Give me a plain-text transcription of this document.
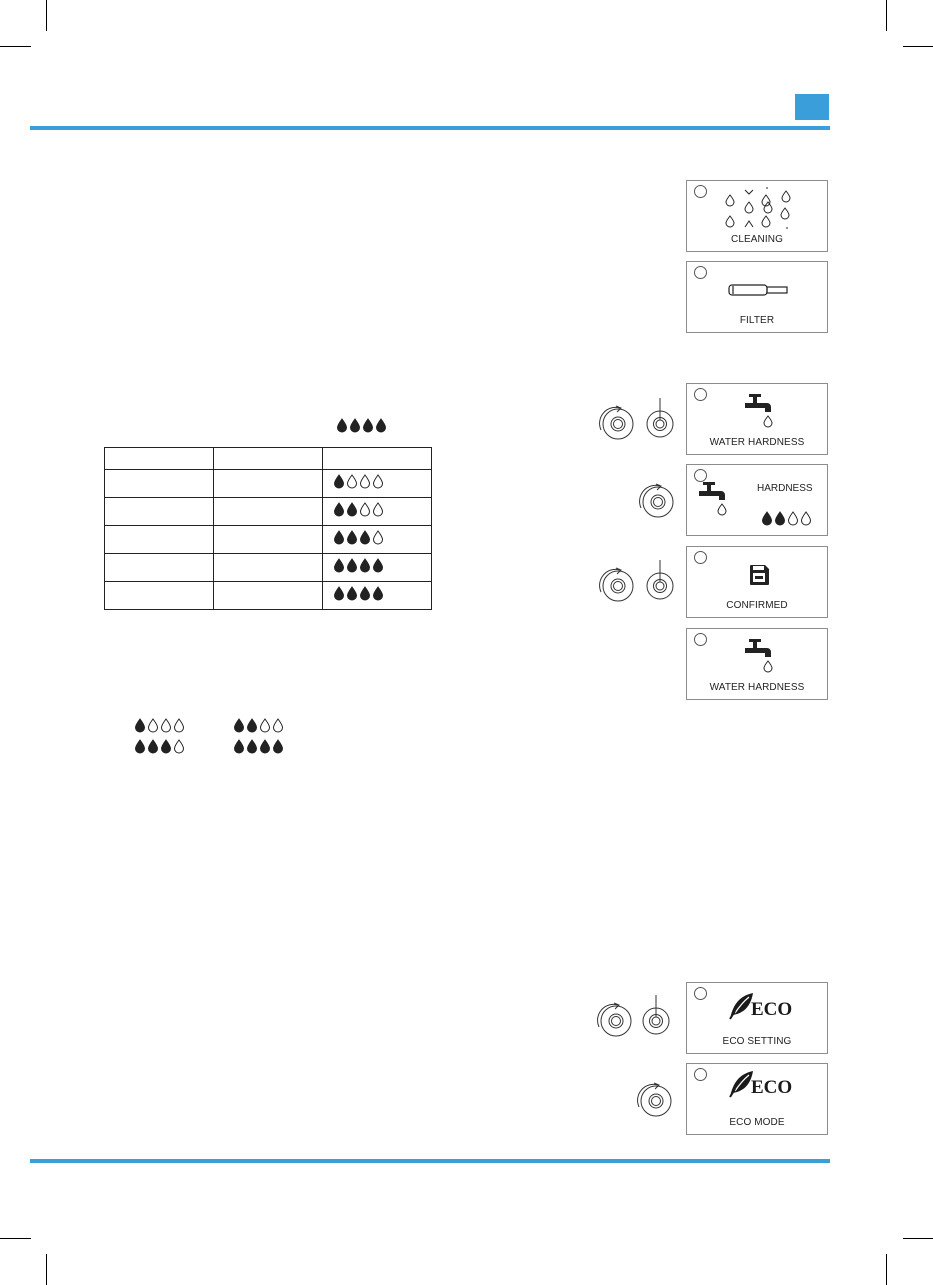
CLEANING
FILTER
WATER HARDNESS
HARDNESS
CONFIRMED
WATER HARDNESS

ECO
ECO SETTING
ECO
ECO MODE
